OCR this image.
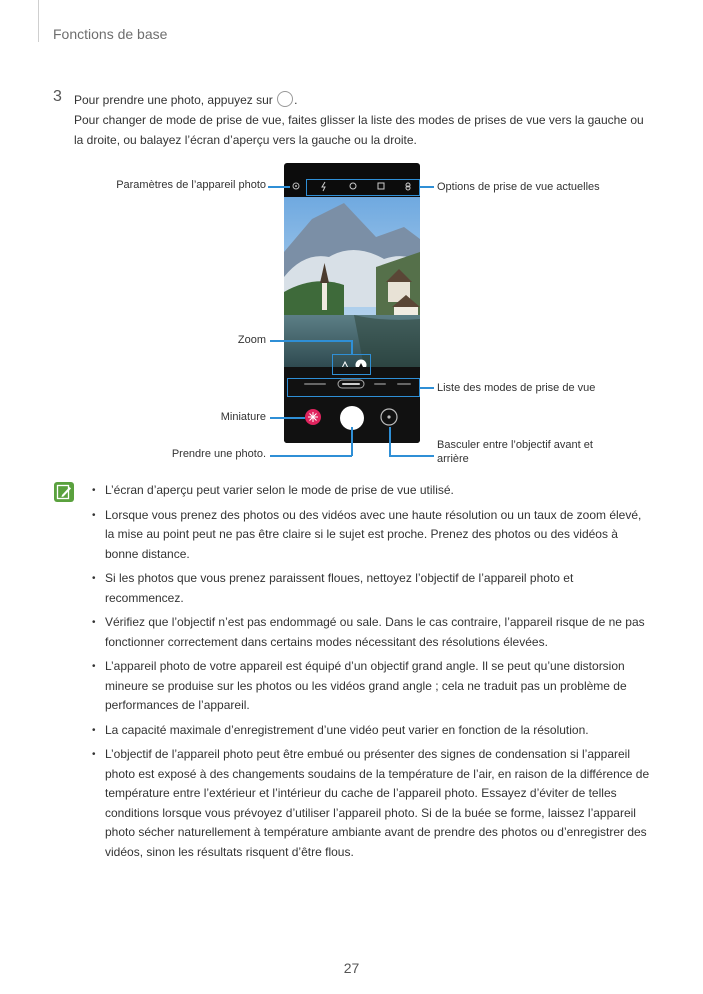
Fonctions de base
3 Pour prendre une photo, appuyez sur .
Pour changer de mode de prise de vue, faites glisser la liste des modes de prises de vue vers la gauche ou la droite, ou balayez l’écran d’aperçu vers la gauche ou la droite.
Paramètres de l’appareil photo	Options de prise de vue actuelles
Zoom
Liste des modes de prise de vue
Miniature
Prendre une photo.
Basculer entre l’objectif avant et arrière
• L’écran d’aperçu peut varier selon le mode de prise de vue utilisé.
• Lorsque vous prenez des photos ou des vidéos avec une haute résolution ou un taux de zoom élevé, la mise au point peut ne pas être claire si le sujet est proche. Prenez des photos ou des vidéos à bonne distance.
• Si les photos que vous prenez paraissent floues, nettoyez l’objectif de l’appareil photo et recommencez.
• Vérifiez que l’objectif n’est pas endommagé ou sale. Dans le cas contraire, l’appareil risque de ne pas fonctionner correctement dans certains modes nécessitant des résolutions élevées.
• L’appareil photo de votre appareil est équipé d’un objectif grand angle. Il se peut qu’une distorsion mineure se produise sur les photos ou les vidéos grand angle ; cela ne traduit pas un problème de performances de l’appareil.
• La capacité maximale d’enregistrement d’une vidéo peut varier en fonction de la résolution.
• L’objectif de l’appareil photo peut être embué ou présenter des signes de condensation si l’appareil photo est exposé à des changements soudains de la température de l’air, en raison de la différence de température entre l’extérieur et l’intérieur du cache de l’appareil photo. Essayez d’éviter de telles conditions lorsque vous prévoyez d’utiliser l’appareil photo. Si de la buée se forme, laissez l’appareil photo sécher naturellement à température ambiante avant de prendre des photos ou d’enregistrer des vidéos, sinon les résultats risquent d’être flous.
27
